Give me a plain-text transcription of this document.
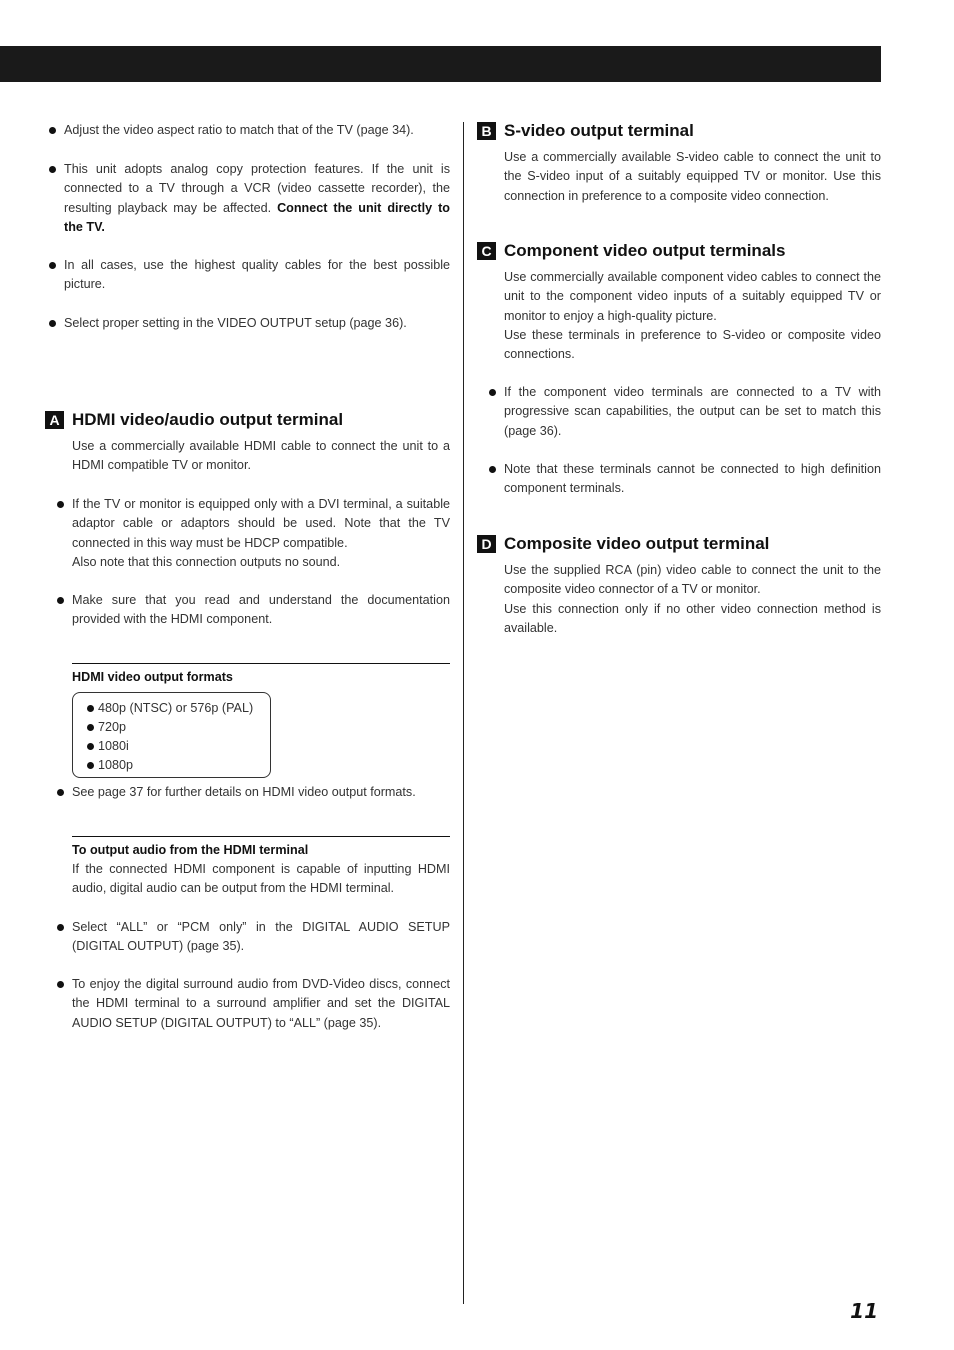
Adjust the video aspect ratio to match that of the TV (page 34).

This unit adopts analog copy protection features. If the unit is connected to a TV through a VCR (video cassette recorder), the resulting playback may be affected. Connect the unit directly to the TV.

In all cases, use the highest quality cables for the best possible picture.

Select proper setting in the VIDEO OUTPUT setup (page 36).

A HDMI video/audio output terminal

Use a commercially available HDMI cable to connect the unit to a HDMI compatible TV or monitor.

If the TV or monitor is equipped only with a DVI terminal, a suitable adaptor cable or adaptors should be used. Note that the TV connected in this way must be HDCP compatible.

Also note that this connection outputs no sound.

Make sure that you read and understand the documentation provided with the HDMI component.

HDMI video output formats
480p (NTSC) or 576p (PAL)
720p
1080i
1080p

See page 37 for further details on HDMI video output formats.

To output audio from the HDMI terminal

If the connected HDMI component is capable of inputting HDMI audio, digital audio can be output from the HDMI terminal.

Select “ALL” or “PCM only” in the DIGITAL AUDIO SETUP (DIGITAL OUTPUT) (page 35).

To enjoy the digital surround audio from DVD-Video discs, connect the HDMI terminal to a surround amplifier and set the DIGITAL AUDIO SETUP (DIGITAL OUTPUT) to “ALL” (page 35).

B S-video output terminal

Use a commercially available S-video cable to connect the unit to the S-video input of a suitably equipped TV or monitor. Use this connection in preference to a composite video connection.

C Component video output terminals

Use commercially available component video cables to connect the unit to the component video inputs of a suitably equipped TV or monitor to enjoy a high-quality picture.

Use these terminals in preference to S-video or composite video connections.

If the component video terminals are connected to a TV with progressive scan capabilities, the output can be set to match this (page 36).

Note that these terminals cannot be connected to high definition component terminals.

D Composite video output terminal

Use the supplied RCA (pin) video cable to connect the unit to the composite video connector of a TV or monitor.

Use this connection only if no other video connection method is available.

11
